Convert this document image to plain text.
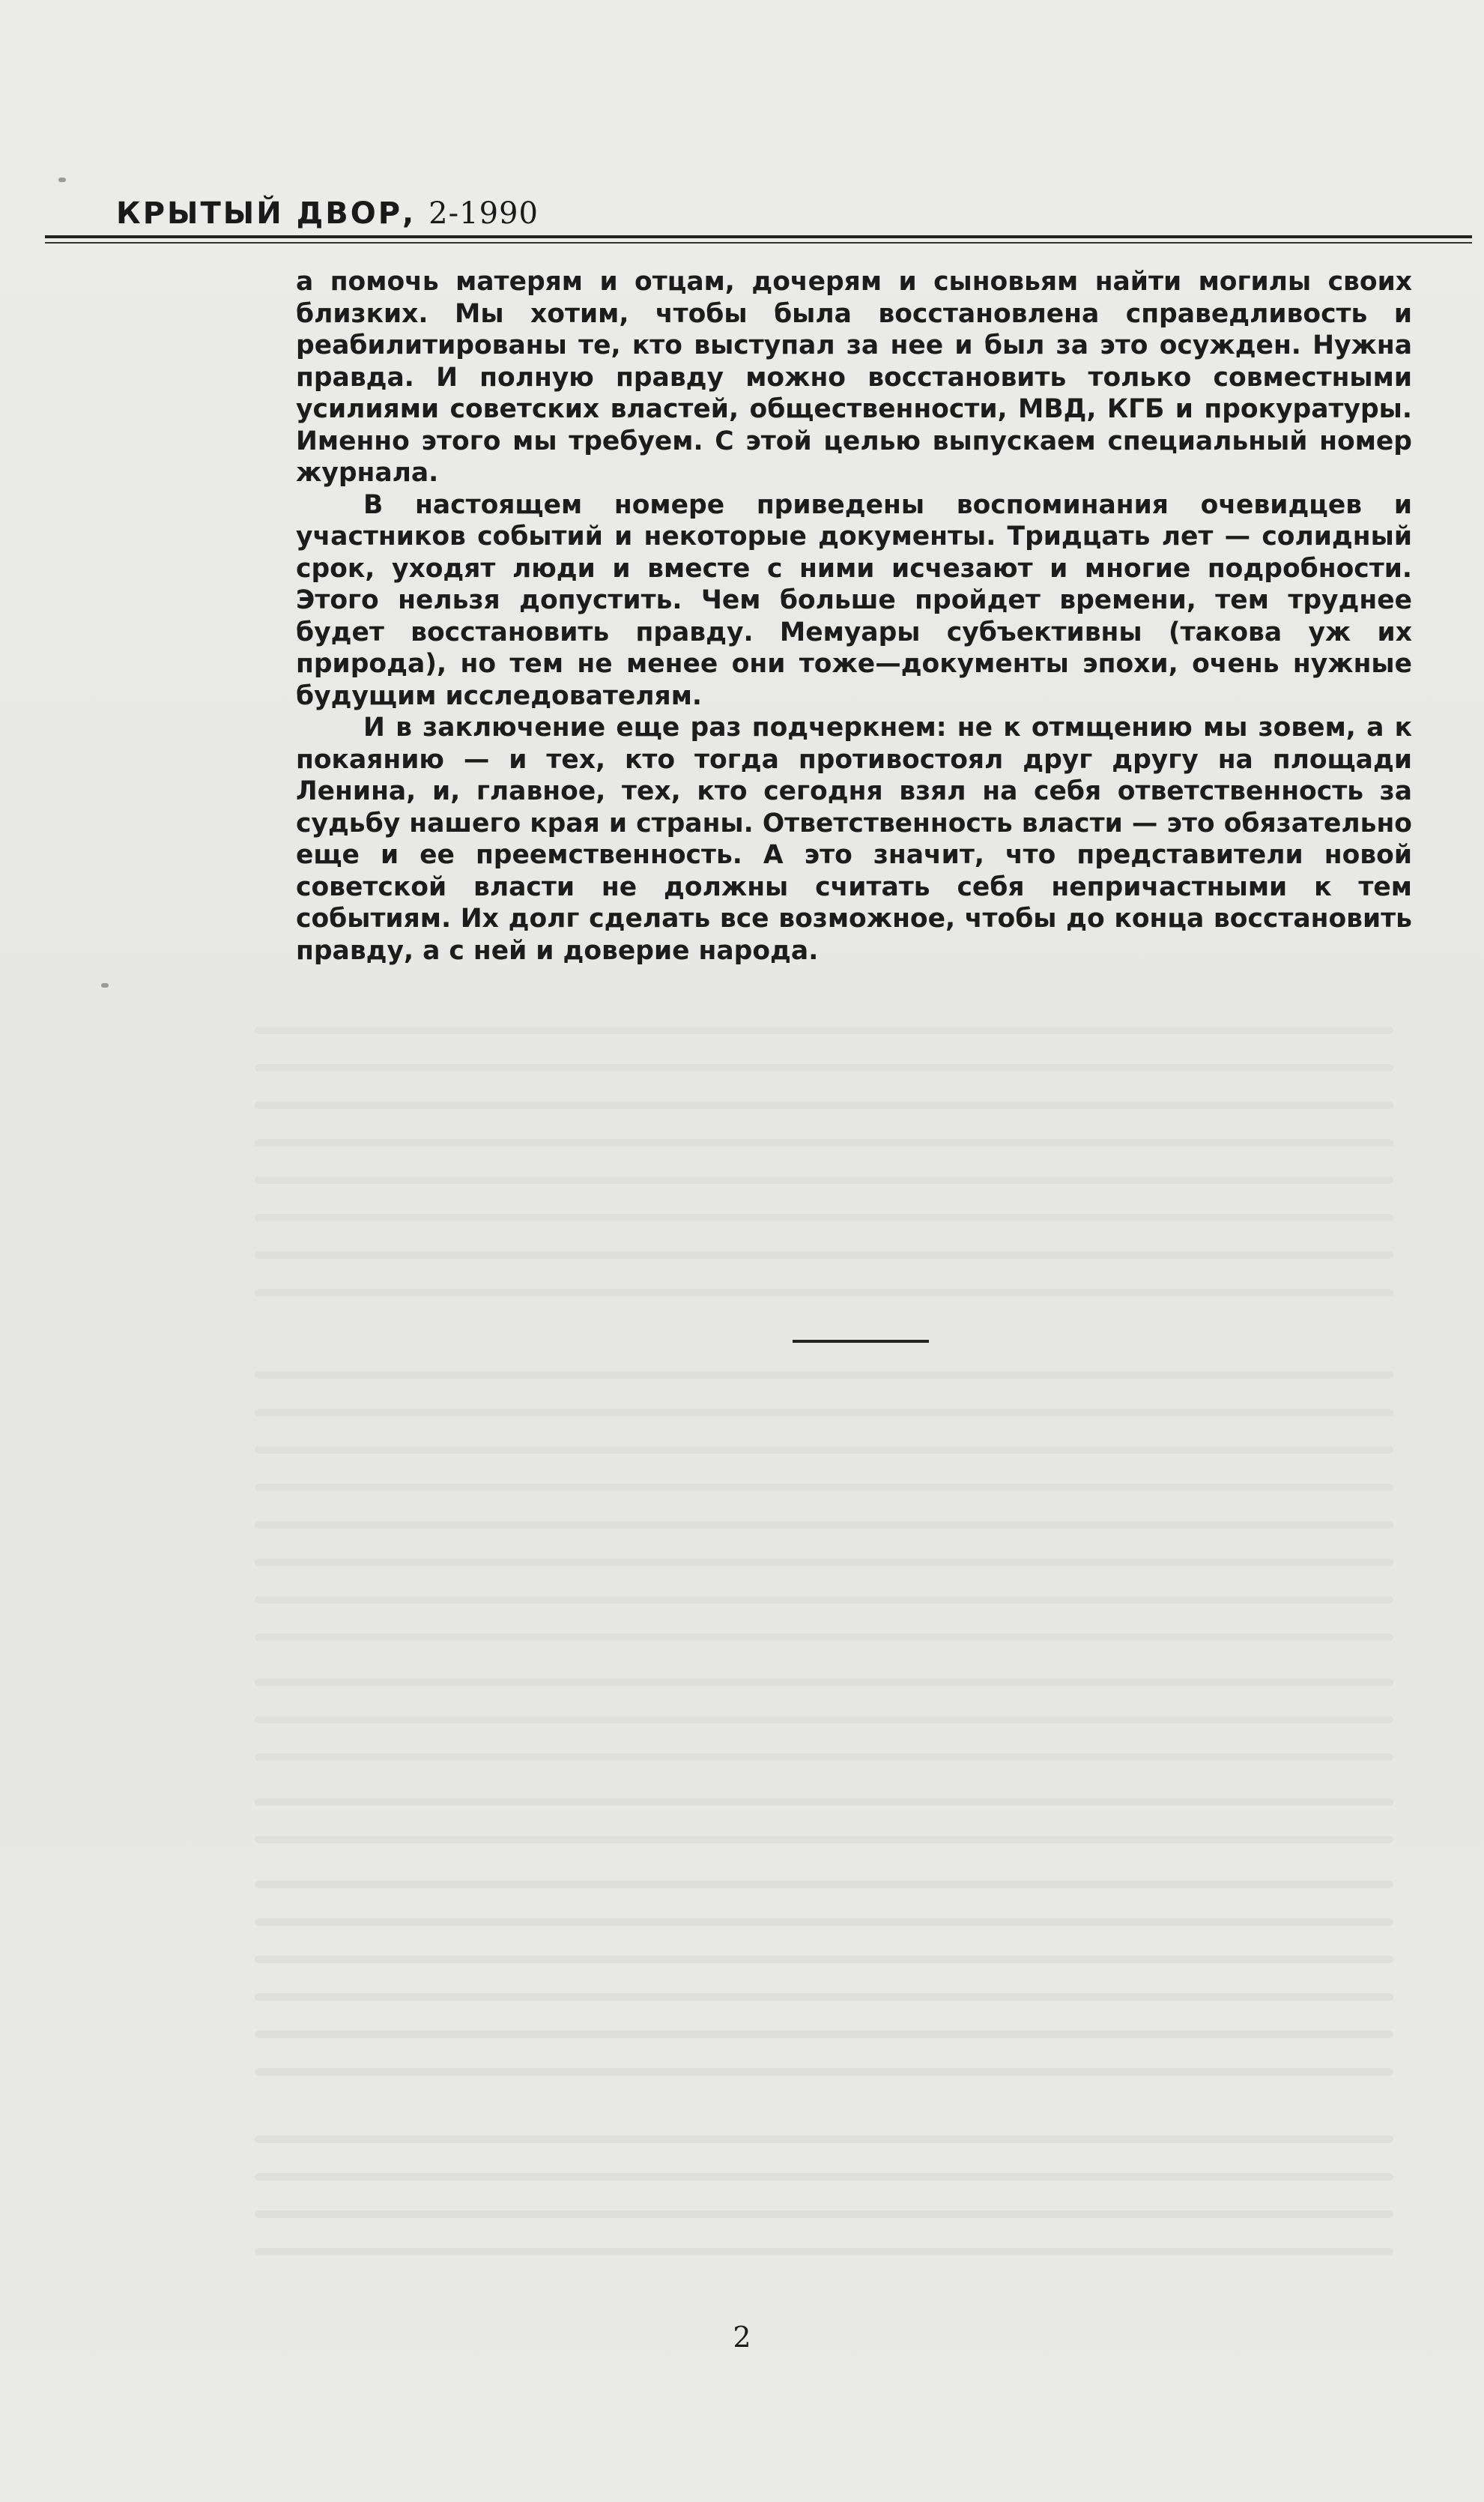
КРЫТЫЙ ДВОР, 2-1990

а помочь матерям и отцам, дочерям и сыновьям найти могилы своих близких. Мы хотим, чтобы была восстановлена справедливость и реабилитированы те, кто выступал за нее и был за это осужден. Нужна правда. И полную правду можно восстановить только совместными усилиями советских властей, общественности, МВД, КГБ и прокуратуры. Именно этого мы требуем. С этой целью выпускаем специальный номер журнала.

В настоящем номере приведены воспоминания очевидцев и участников событий и некоторые документы. Тридцать лет — солидный срок, уходят люди и вместе с ними исчезают и многие подробности. Этого нельзя допустить. Чем больше пройдет времени, тем труднее будет восстановить правду. Мемуары субъективны (такова уж их природа), но тем не менее они тоже—документы эпохи, очень нужные будущим исследователям.

И в заключение еще раз подчеркнем: не к отмщению мы зовем, а к покаянию — и тех, кто тогда противостоял друг другу на площади Ленина, и, главное, тех, кто сегодня взял на себя ответственность за судьбу нашего края и страны. Ответственность власти — это обязательно еще и ее преемственность. А это значит, что представители новой советской власти не должны считать себя непричастными к тем событиям. Их долг сделать все возможное, чтобы до конца восстановить правду, а с ней и доверие народа.

2
